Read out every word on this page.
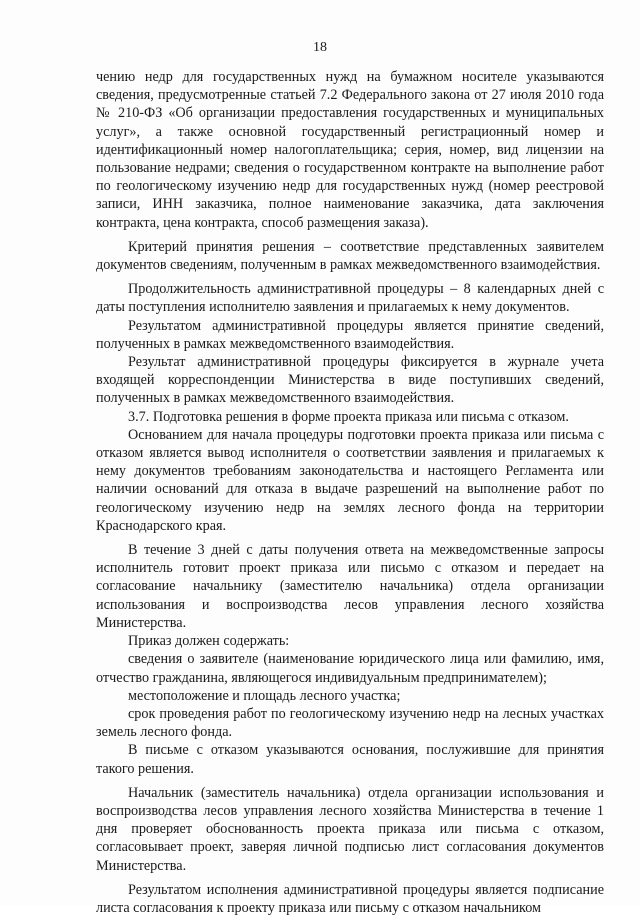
18

чению недр для государственных нужд на бумажном носителе указываются сведения, предусмотренные статьей 7.2 Федерального закона от 27 июля 2010 года № 210-ФЗ «Об организации предоставления государственных и муниципальных услуг», а также основной государственный регистрационный номер и идентификационный номер налогоплательщика; серия, номер, вид лицензии на пользование недрами; сведения о государственном контракте на выполнение работ по геологическому изучению недр для государственных нужд (номер реестровой записи, ИНН заказчика, полное наименование заказчика, дата заключения контракта, цена контракта, способ размещения заказа).

Критерий принятия решения – соответствие представленных заявителем документов сведениям, полученным в рамках межведомственного взаимодействия.

Продолжительность административной процедуры – 8 календарных дней с даты поступления исполнителю заявления и прилагаемых к нему документов.

Результатом административной процедуры является принятие сведений, полученных в рамках межведомственного взаимодействия.

Результат административной процедуры фиксируется в журнале учета входящей корреспонденции Министерства в виде поступивших сведений, полученных в рамках межведомственного взаимодействия.

3.7. Подготовка решения в форме проекта приказа или письма с отказом.

Основанием для начала процедуры подготовки проекта приказа или письма с отказом является вывод исполнителя о соответствии заявления и прилагаемых к нему документов требованиям законодательства и настоящего Регламента или наличии оснований для отказа в выдаче разрешений на выполнение работ по геологическому изучению недр на землях лесного фонда на территории Краснодарского края.

В течение 3 дней с даты получения ответа на межведомственные запросы исполнитель готовит проект приказа или письмо с отказом и передает на согласование начальнику (заместителю начальника) отдела организации использования и воспроизводства лесов управления лесного хозяйства Министерства.

Приказ должен содержать:

сведения о заявителе (наименование юридического лица или фамилию, имя, отчество гражданина, являющегося индивидуальным предпринимателем);

местоположение и площадь лесного участка;

срок проведения работ по геологическому изучению недр на лесных участках земель лесного фонда.

В письме с отказом указываются основания, послужившие для принятия такого решения.

Начальник (заместитель начальника) отдела организации использования и воспроизводства лесов управления лесного хозяйства Министерства в течение 1 дня проверяет обоснованность проекта приказа или письма с отказом, согласовывает проект, заверяя личной подписью лист согласования документов Министерства.

Результатом исполнения административной процедуры является подписание листа согласования к проекту приказа или письму с отказом начальником
